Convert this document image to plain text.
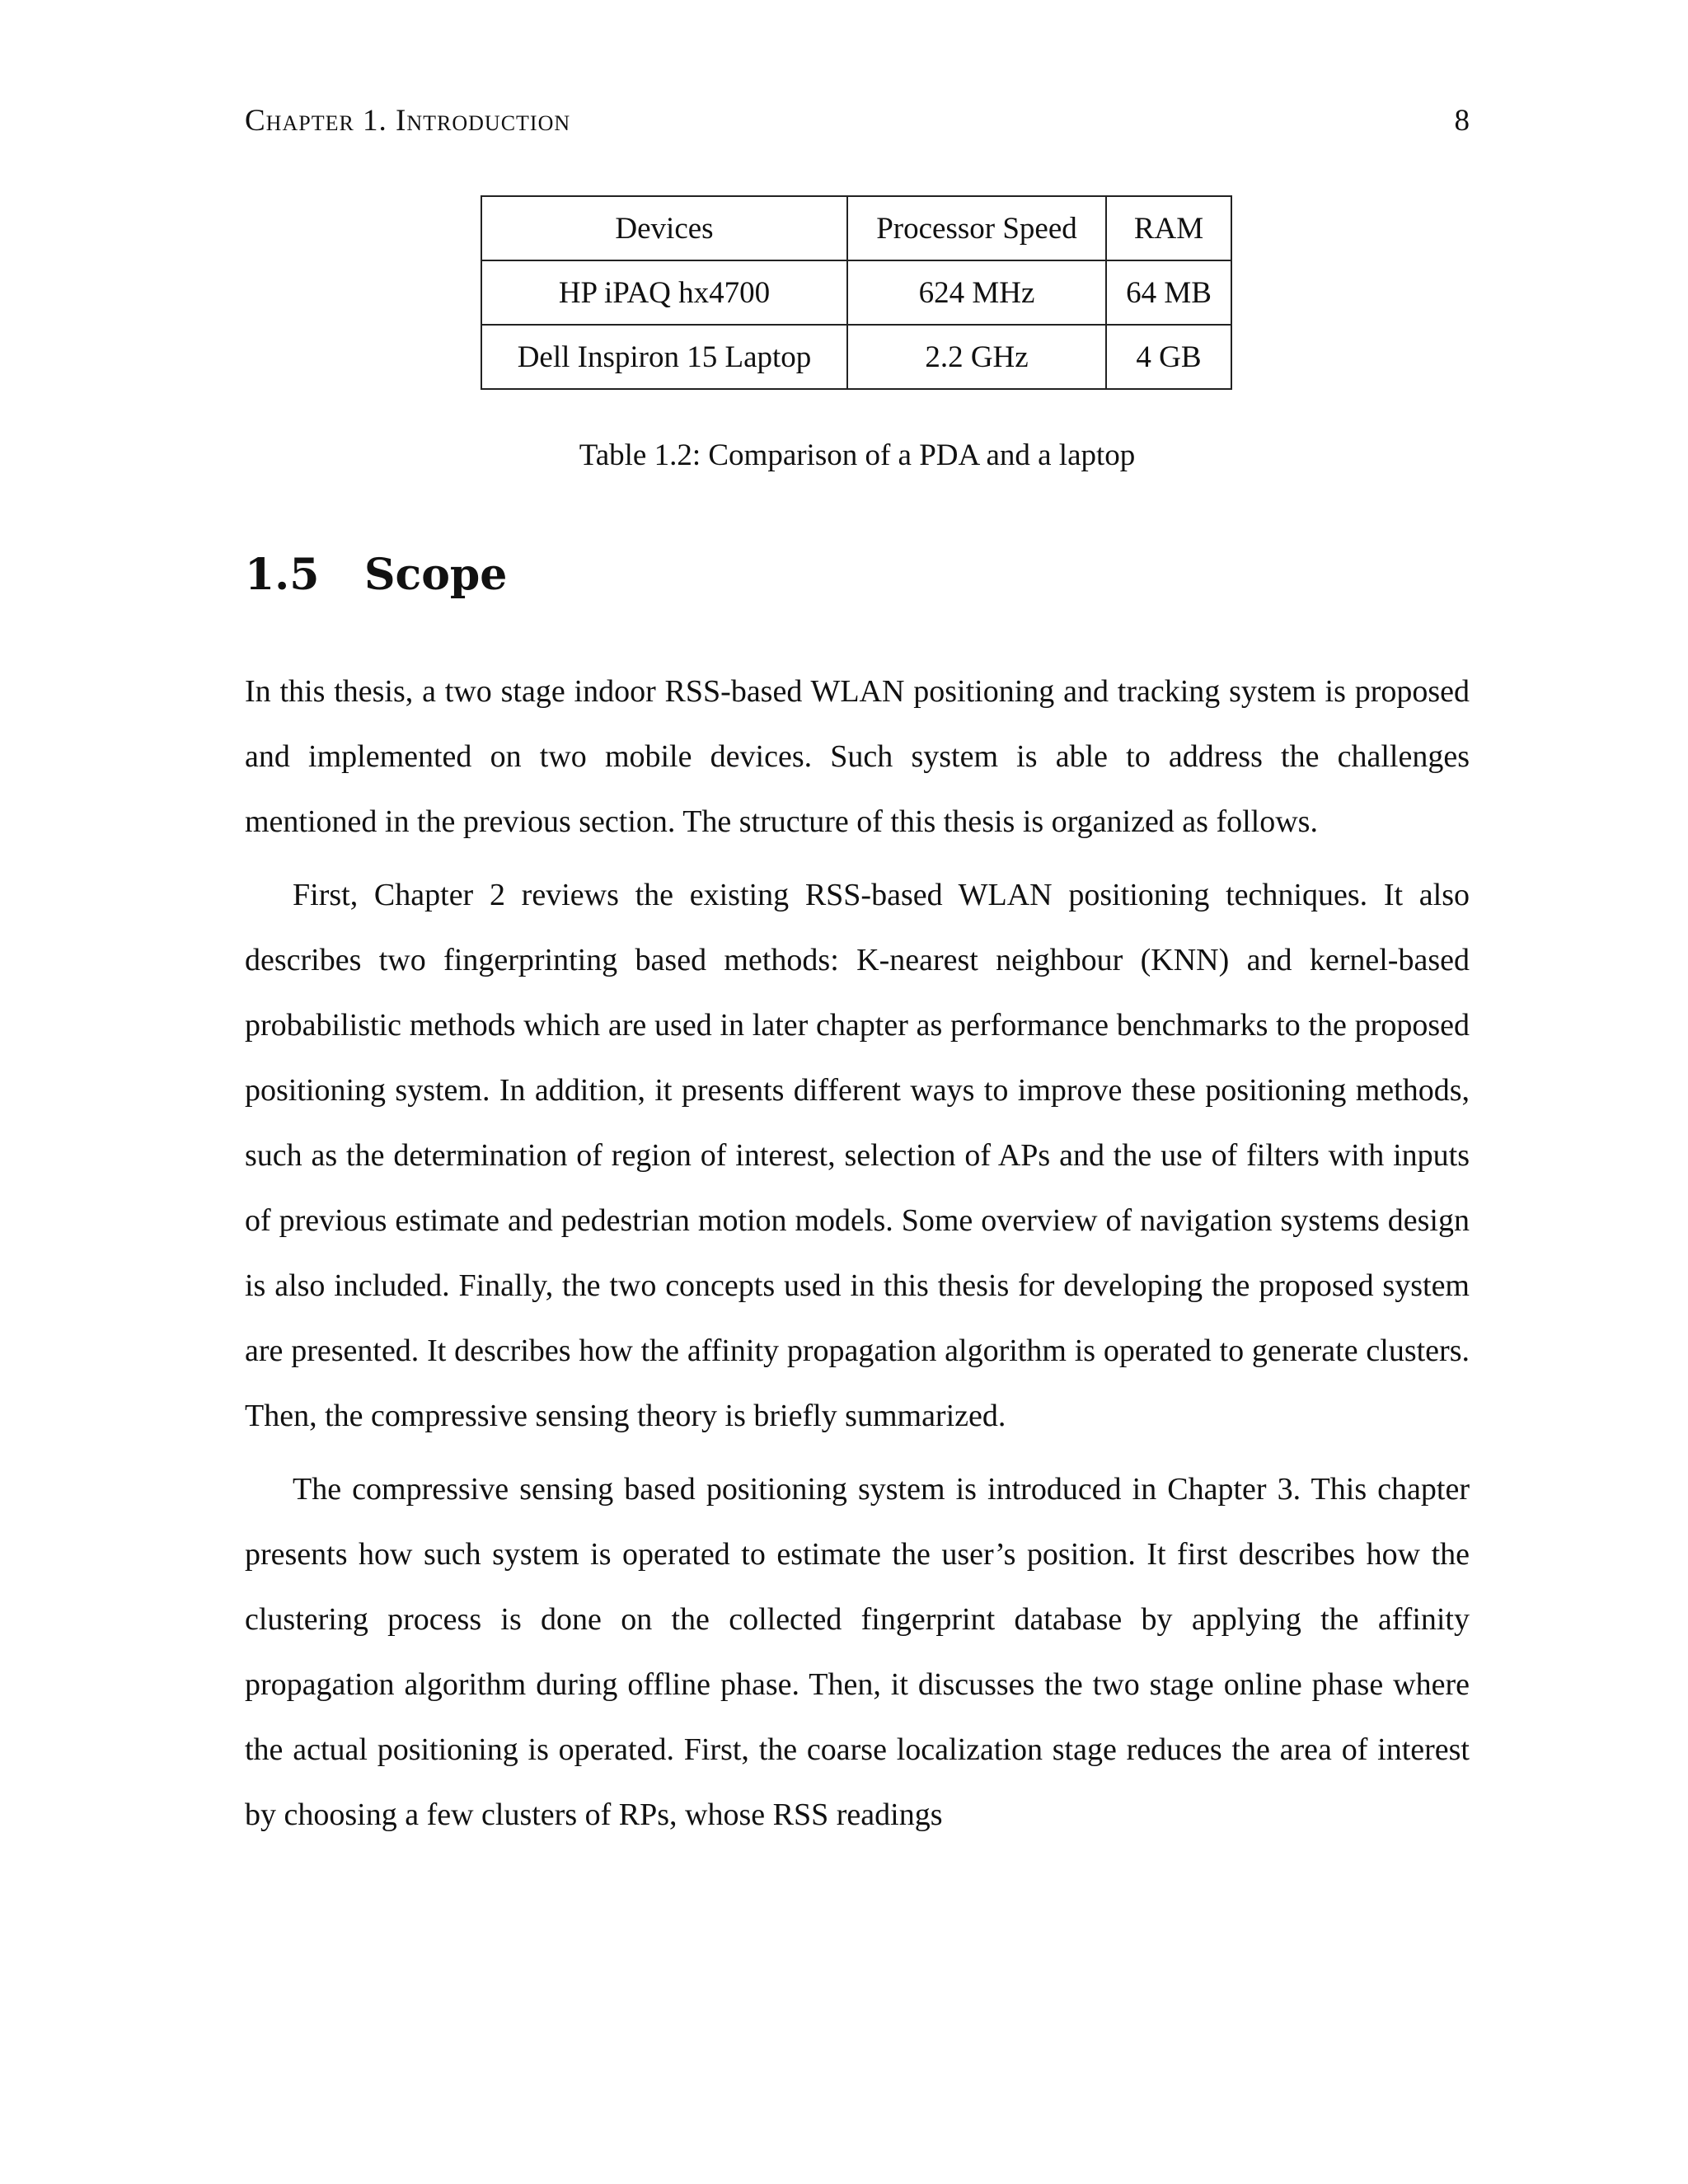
Chapter 1. Introduction	8
Devices	Processor Speed	RAM
HP iPAQ hx4700	624 MHz	64 MB
Dell Inspiron 15 Laptop	2.2 GHz	4 GB
Table 1.2: Comparison of a PDA and a laptop
1.5 Scope

In this thesis, a two stage indoor RSS-based WLAN positioning and tracking system is proposed and implemented on two mobile devices. Such system is able to address the challenges mentioned in the previous section. The structure of this thesis is organized as follows.

First, Chapter 2 reviews the existing RSS-based WLAN positioning techniques. It also describes two fingerprinting based methods: K-nearest neighbour (KNN) and kernel-based probabilistic methods which are used in later chapter as performance benchmarks to the proposed positioning system. In addition, it presents different ways to improve these positioning methods, such as the determination of region of interest, selection of APs and the use of filters with inputs of previous estimate and pedestrian motion models. Some overview of navigation systems design is also included. Finally, the two concepts used in this thesis for developing the proposed system are presented. It describes how the affinity propagation algorithm is operated to generate clusters. Then, the compressive sensing theory is briefly summarized.

The compressive sensing based positioning system is introduced in Chapter 3. This chapter presents how such system is operated to estimate the user’s position. It first describes how the clustering process is done on the collected fingerprint database by applying the affinity propagation algorithm during offline phase. Then, it discusses the two stage online phase where the actual positioning is operated. First, the coarse localization stage reduces the area of interest by choosing a few clusters of RPs, whose RSS readings
